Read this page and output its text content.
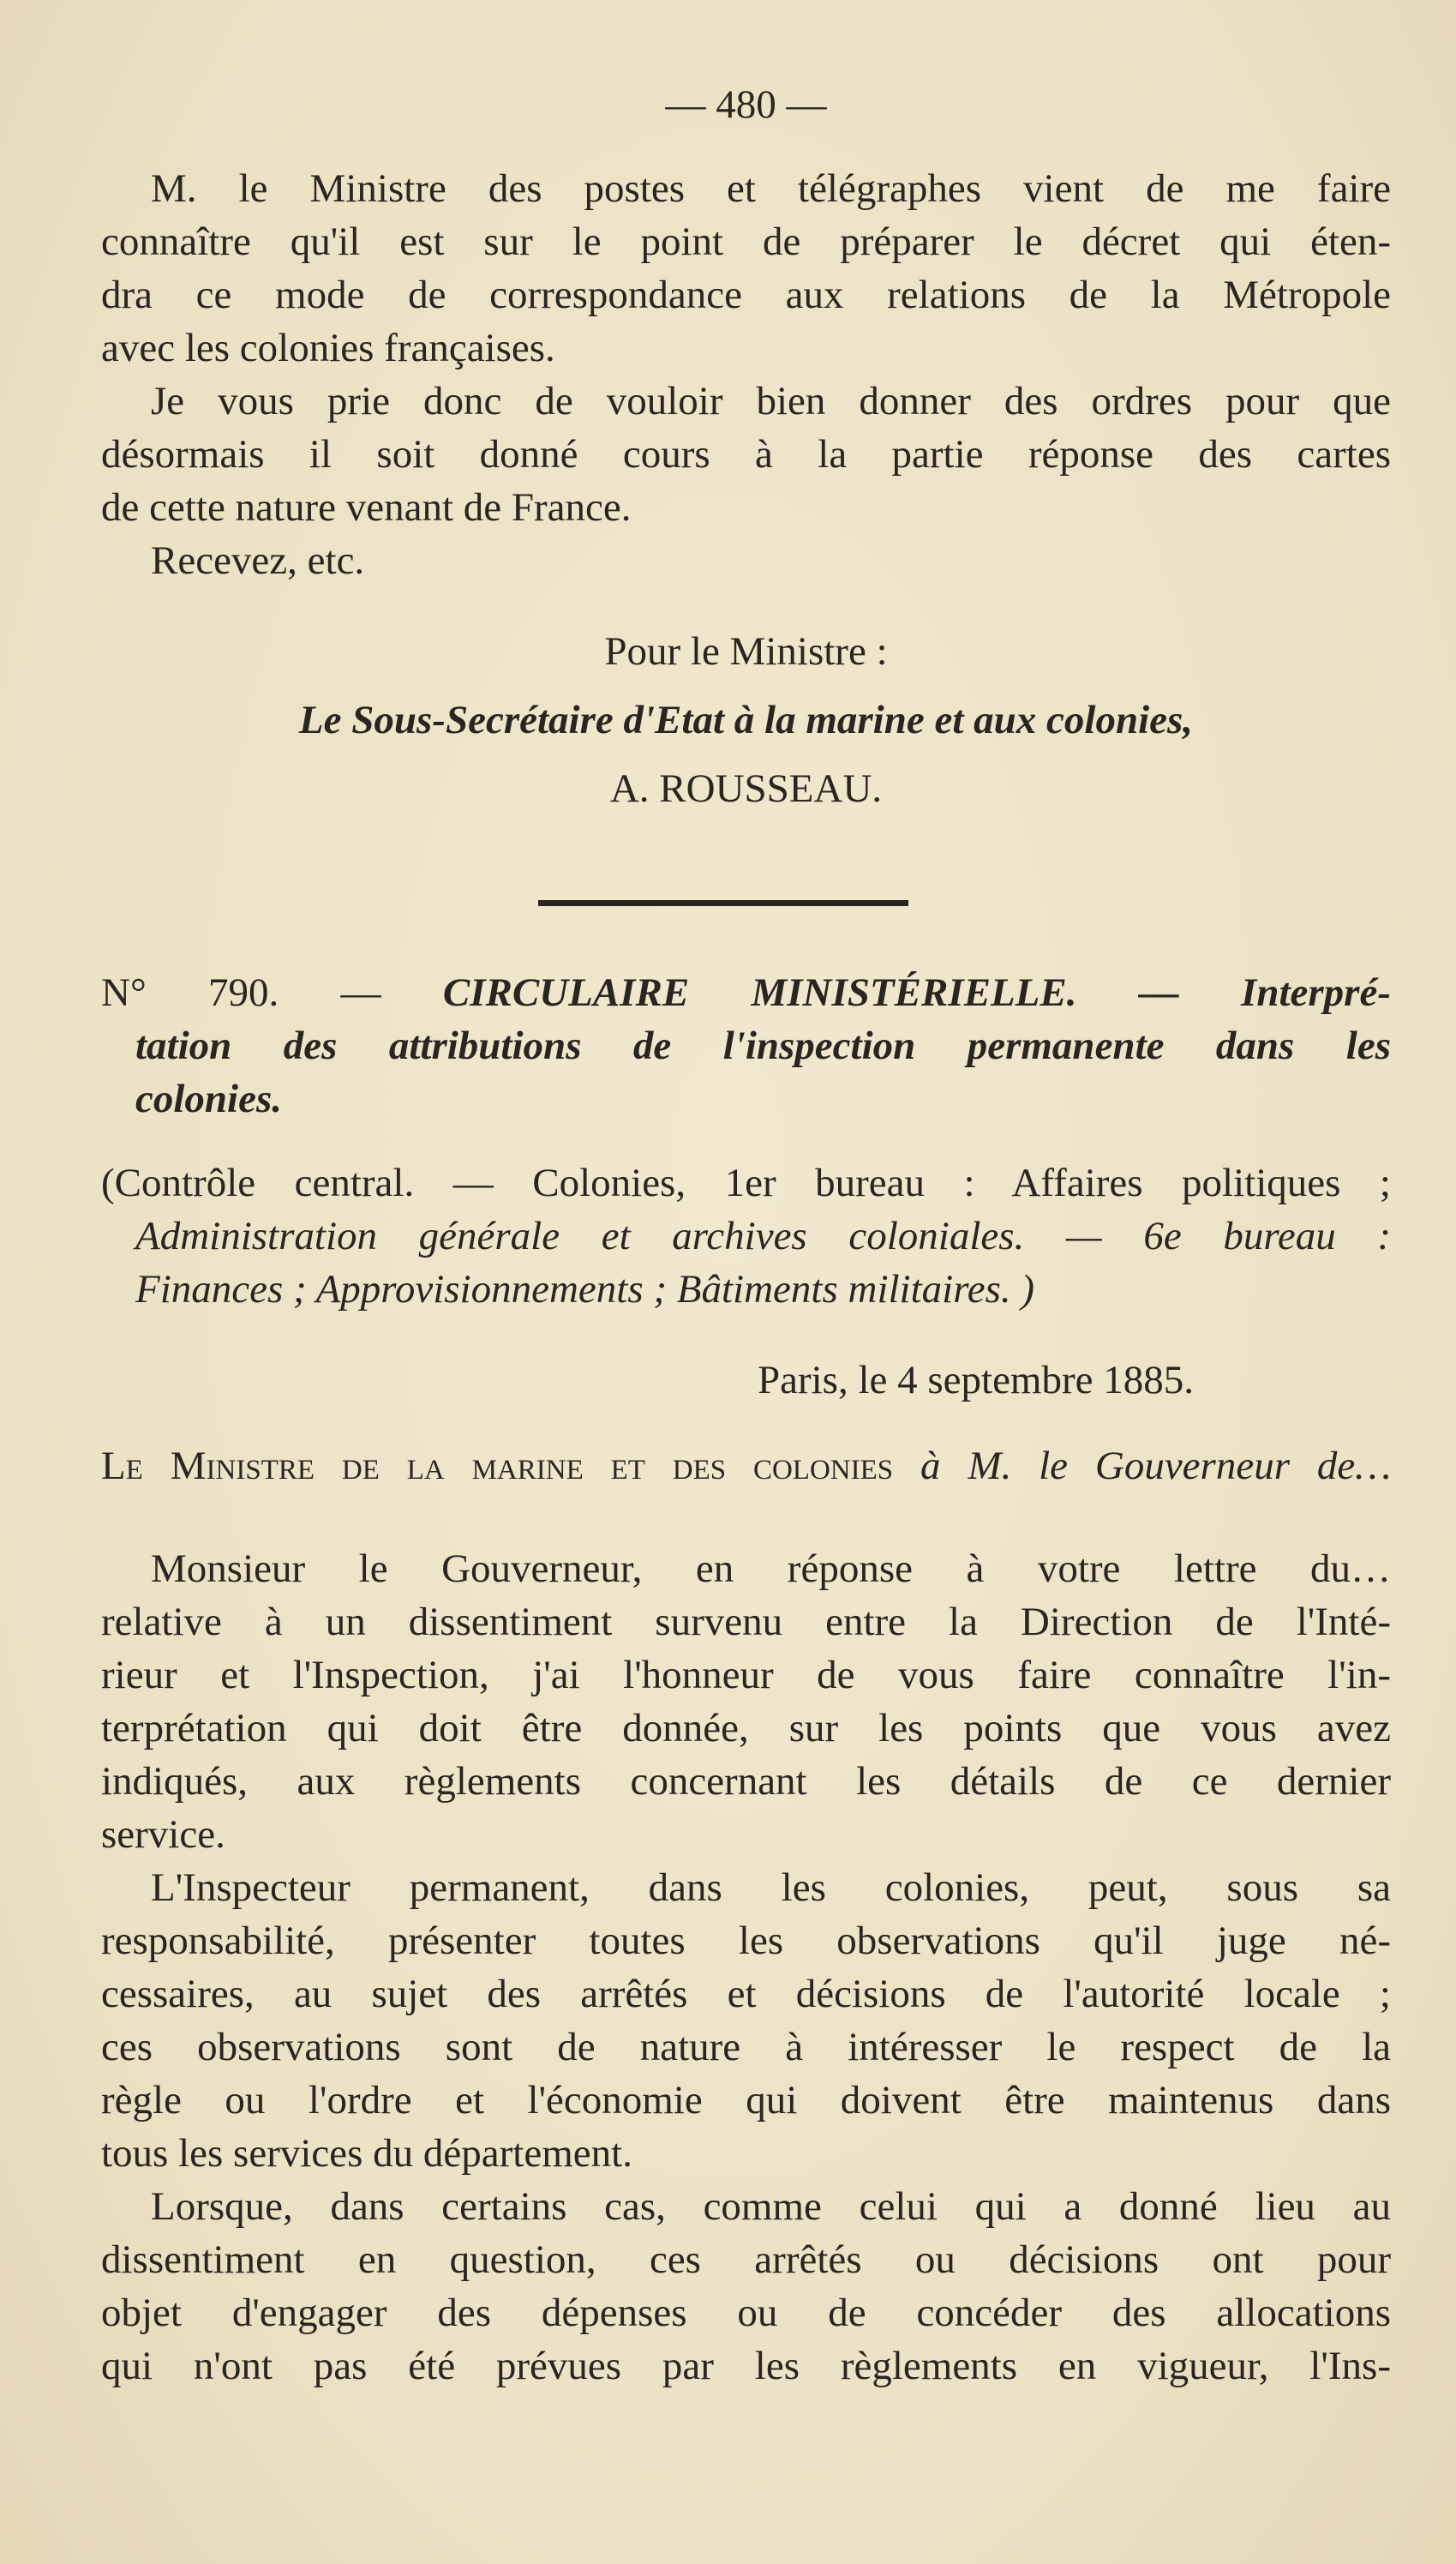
— 480 —
M. le Ministre des postes et télégraphes vient de me faire
connaître qu'il est sur le point de préparer le décret qui éten-
dra ce mode de correspondance aux relations de la Métropole
avec les colonies françaises.
Je vous prie donc de vouloir bien donner des ordres pour que
désormais il soit donné cours à la partie réponse des cartes
de cette nature venant de France.
Recevez, etc.
Pour le Ministre :
Le Sous-Secrétaire d'Etat à la marine et aux colonies,
A. ROUSSEAU.
N° 790. — CIRCULAIRE MINISTÉRIELLE. — Interpré-
tation des attributions de l'inspection permanente dans les
colonies.
(Contrôle central. — Colonies, 1er bureau : Affaires politiques ;
Administration générale et archives coloniales. — 6e bureau :
Finances ; Approvisionnements ; Bâtiments militaires. )
Paris, le 4 septembre 1885.
Le Ministre de la marine et des colonies à M. le Gouverneur de…
Monsieur le Gouverneur, en réponse à votre lettre du…
relative à un dissentiment survenu entre la Direction de l'Inté-
rieur et l'Inspection, j'ai l'honneur de vous faire connaître l'in-
terprétation qui doit être donnée, sur les points que vous avez
indiqués, aux règlements concernant les détails de ce dernier
service.
L'Inspecteur permanent, dans les colonies, peut, sous sa
responsabilité, présenter toutes les observations qu'il juge né-
cessaires, au sujet des arrêtés et décisions de l'autorité locale ;
ces observations sont de nature à intéresser le respect de la
règle ou l'ordre et l'économie qui doivent être maintenus dans
tous les services du département.
Lorsque, dans certains cas, comme celui qui a donné lieu au
dissentiment en question, ces arrêtés ou décisions ont pour
objet d'engager des dépenses ou de concéder des allocations
qui n'ont pas été prévues par les règlements en vigueur, l'Ins-
